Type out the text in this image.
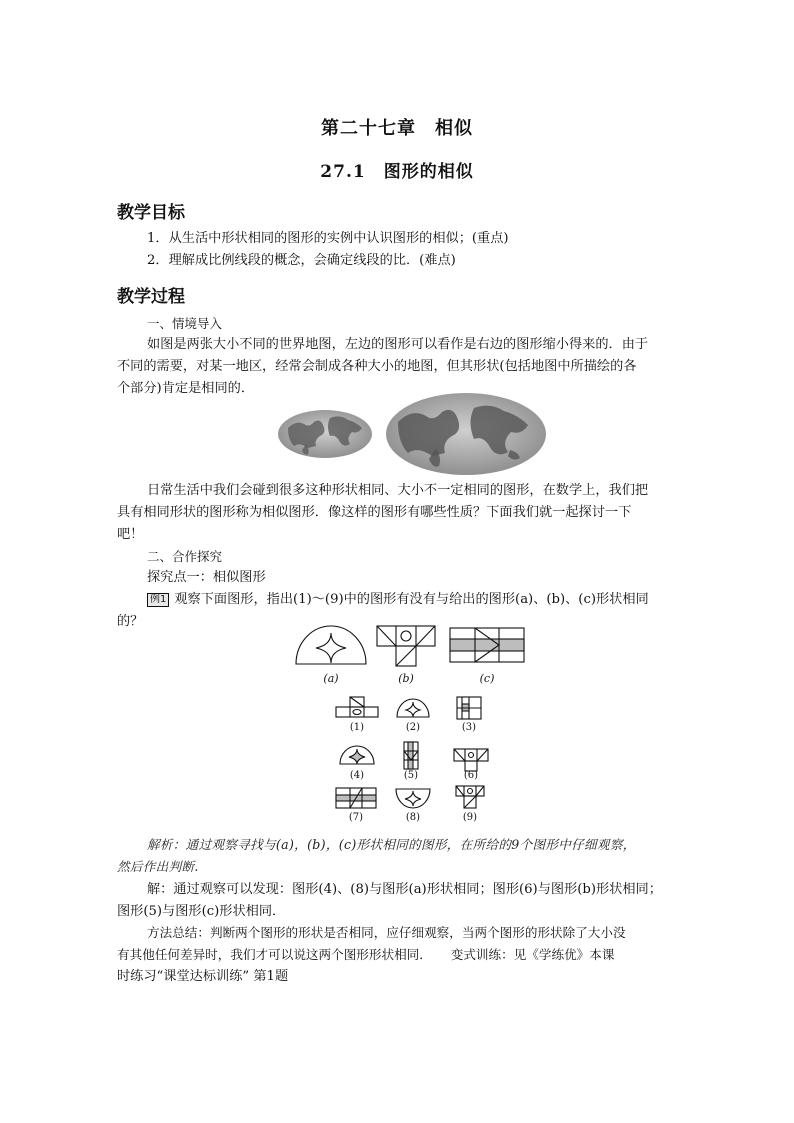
第二十七章　相似
27.1　图形的相似
教学目标
1．从生活中形状相同的图形的实例中认识图形的相似；(重点)
2．理解成比例线段的概念，会确定线段的比．(难点)
教学过程
一、情境导入
如图是两张大小不同的世界地图，左边的图形可以看作是右边的图形缩小得来的．由于
不同的需要，对某一地区，经常会制成各种大小的地图，但其形状(包括地图中所描绘的各
个部分)肯定是相同的．
日常生活中我们会碰到很多这种形状相同、大小不一定相同的图形，在数学上，我们把
具有相同形状的图形称为相似图形．像这样的图形有哪些性质？下面我们就一起探讨一下
吧！
二、合作探究
探究点一：相似图形
例1 观察下面图形，指出(1)～(9)中的图形有没有与给出的图形(a)、(b)、(c)形状相同
的？
(a)	(b)	(c)
(1)	(2)	(3)
(4)	(5)	(6)
(7)	(8)	(9)
解析：通过观察寻找与(a)，(b)，(c)形状相同的图形，在所给的9个图形中仔细观察，
然后作出判断.
解：通过观察可以发现：图形(4)、(8)与图形(a)形状相同；图形(6)与图形(b)形状相同；
图形(5)与图形(c)形状相同．
方法总结：判断两个图形的形状是否相同，应仔细观察，当两个图形的形状除了大小没
有其他任何差异时，我们才可以说这两个图形形状相同．　　变式训练：见《学练优》本课
时练习“课堂达标训练” 第1题
